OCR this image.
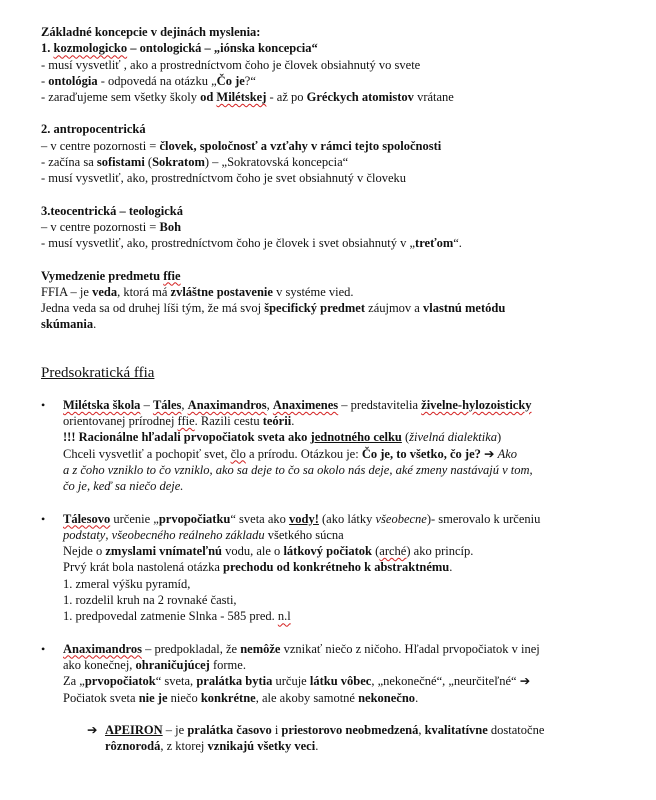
Základné koncepcie v dejinách myslenia:
1. kozmologicko – ontologická – „iónska koncepcia“
- musí vysvetliť , ako a prostredníctvom čoho je človek obsiahnutý vo svete
- ontológia - odpovedá na otázku „Čo je?“
- zaraďujeme sem všetky školy od Milétskej - až po Gréckych atomistov vrátane
2. antropocentrická
– v centre pozornosti = človek, spoločnosť a vzťahy v rámci tejto spoločnosti
- začína sa sofistami (Sokratom) – „Sokratovská koncepcia“
- musí vysvetliť, ako, prostredníctvom čoho je svet obsiahnutý v človeku
3.teocentrická – teologická
– v centre pozornosti = Boh
- musí vysvetliť, ako, prostredníctvom čoho je človek i svet obsiahnutý v „treťom“.
Vymedzenie predmetu ffie
FFIA – je veda, ktorá má zvláštne postavenie v systéme vied.
Jedna veda sa od druhej líši tým, že má svoj špecifický predmet záujmov a vlastnú metódu
skúmania.
Predsokratická ffia
• Milétska škola – Táles, Anaximandros, Anaximenes – predstavitelia živelne-hylozoisticky
orientovanej prírodnej ffie. Razili cestu teórii.
!!! Racionálne hľadali prvopočiatok sveta ako jednotného celku (živelná dialektika)
Chceli vysvetliť a pochopiť svet, člo a prírodu. Otázkou je: Čo je, to všetko, čo je? ➔ Ako
a z čoho vzniklo to čo vzniklo, ako sa deje to čo sa okolo nás deje, aké zmeny nastávajú v tom,
čo je, keď sa niečo deje.
• Tálesovo určenie „prvopočiatku“ sveta ako vody! (ako látky všeobecne)- smerovalo k určeniu
podstaty, všeobecného reálneho základu všetkého súcna
Nejde o zmyslami vnímateľnú vodu, ale o látkový počiatok (arché) ako princíp.
Prvý krát bola nastolená otázka prechodu od konkrétneho k abstraktnému.
1. zmeral výšku pyramíd,
1. rozdelil kruh na 2 rovnaké časti,
1. predpovedal zatmenie Slnka - 585 pred. n.l
• Anaximandros – predpokladal, že nemôže vznikať niečo z ničoho. Hľadal prvopočiatok v inej
ako konečnej, ohraničujúcej forme.
Za „prvopočiatok“ sveta, pralátka bytia určuje látku vôbec, „nekonečné“, „neurčiteľné“ ➔
Počiatok sveta nie je niečo konkrétne, ale akoby samotné nekonečno.
➔ APEIRON – je pralátka časovo i priestorovo neobmedzená, kvalitatívne dostatočne
rôznorodá, z ktorej vznikajú všetky veci.
